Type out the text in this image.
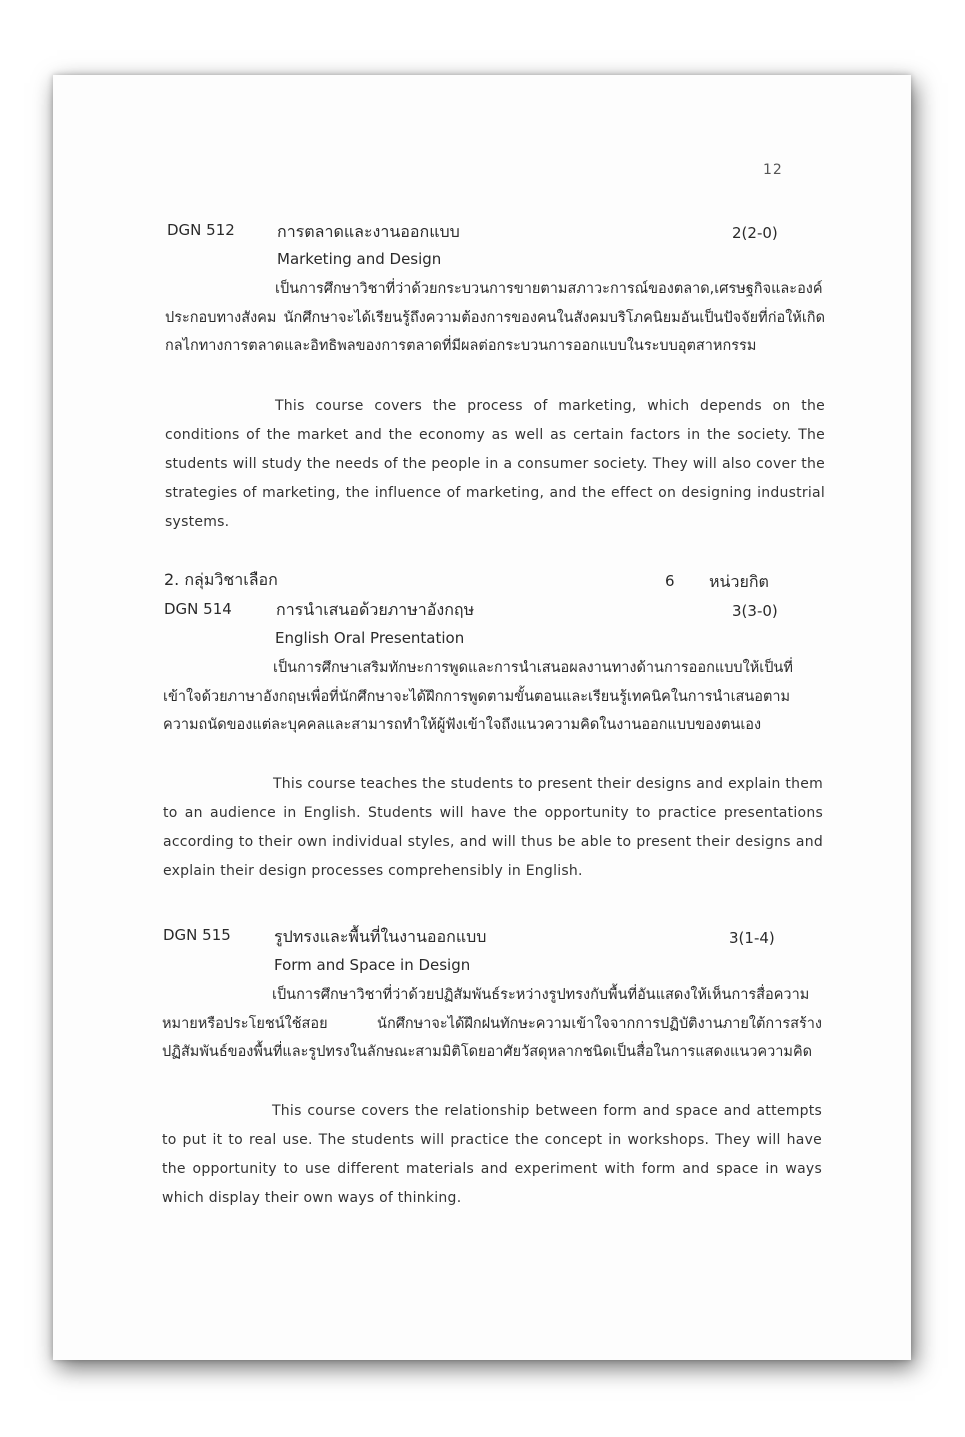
12
DGN 512	การตลาดและงานออกแบบ	2(2-0)
Marketing and Design
เป็นการศึกษาวิชาที่ว่าด้วยกระบวนการขายตามสภาวะการณ์ของตลาด,เศรษฐกิจและองค์ประกอบทางสังคม นักศึกษาจะได้เรียนรู้ถึงความต้องการของคนในสังคมบริโภคนิยมอันเป็นปัจจัยที่ก่อให้เกิดกลไกทางการตลาดและอิทธิพลของการตลาดที่มีผลต่อกระบวนการออกแบบในระบบอุตสาหกรรม
This course covers the process of marketing, which depends on the conditions of the market and the economy as well as certain factors in the society. The students will study the needs of the people in a consumer society. They will also cover the strategies of marketing, the influence of marketing, and the effect on designing industrial systems.
2. กลุ่มวิชาเลือก	6 หน่วยกิต
DGN 514	การนำเสนอด้วยภาษาอังกฤษ	3(3-0)
English Oral Presentation
เป็นการศึกษาเสริมทักษะการพูดและการนำเสนอผลงานทางด้านการออกแบบให้เป็นที่เข้าใจด้วยภาษาอังกฤษเพื่อที่นักศึกษาจะได้ฝึกการพูดตามขั้นตอนและเรียนรู้เทคนิคในการนำเสนอตามความถนัดของแต่ละบุคคลและสามารถทำให้ผู้ฟังเข้าใจถึงแนวความคิดในงานออกแบบของตนเอง
This course teaches the students to present their designs and explain them to an audience in English. Students will have the opportunity to practice presentations according to their own individual styles, and will thus be able to present their designs and explain their design processes comprehensibly in English.
DGN 515	รูปทรงและพื้นที่ในงานออกแบบ	3(1-4)
Form and Space in Design
เป็นการศึกษาวิชาที่ว่าด้วยปฏิสัมพันธ์ระหว่างรูปทรงกับพื้นที่อันแสดงให้เห็นการสื่อความหมายหรือประโยชน์ใช้สอย นักศึกษาจะได้ฝึกฝนทักษะความเข้าใจจากการปฏิบัติงานภายใต้การสร้างปฏิสัมพันธ์ของพื้นที่และรูปทรงในลักษณะสามมิติโดยอาศัยวัสดุหลากชนิดเป็นสื่อในการแสดงแนวความคิด
This course covers the relationship between form and space and attempts to put it to real use. The students will practice the concept in workshops. They will have the opportunity to use different materials and experiment with form and space in ways which display their own ways of thinking.
